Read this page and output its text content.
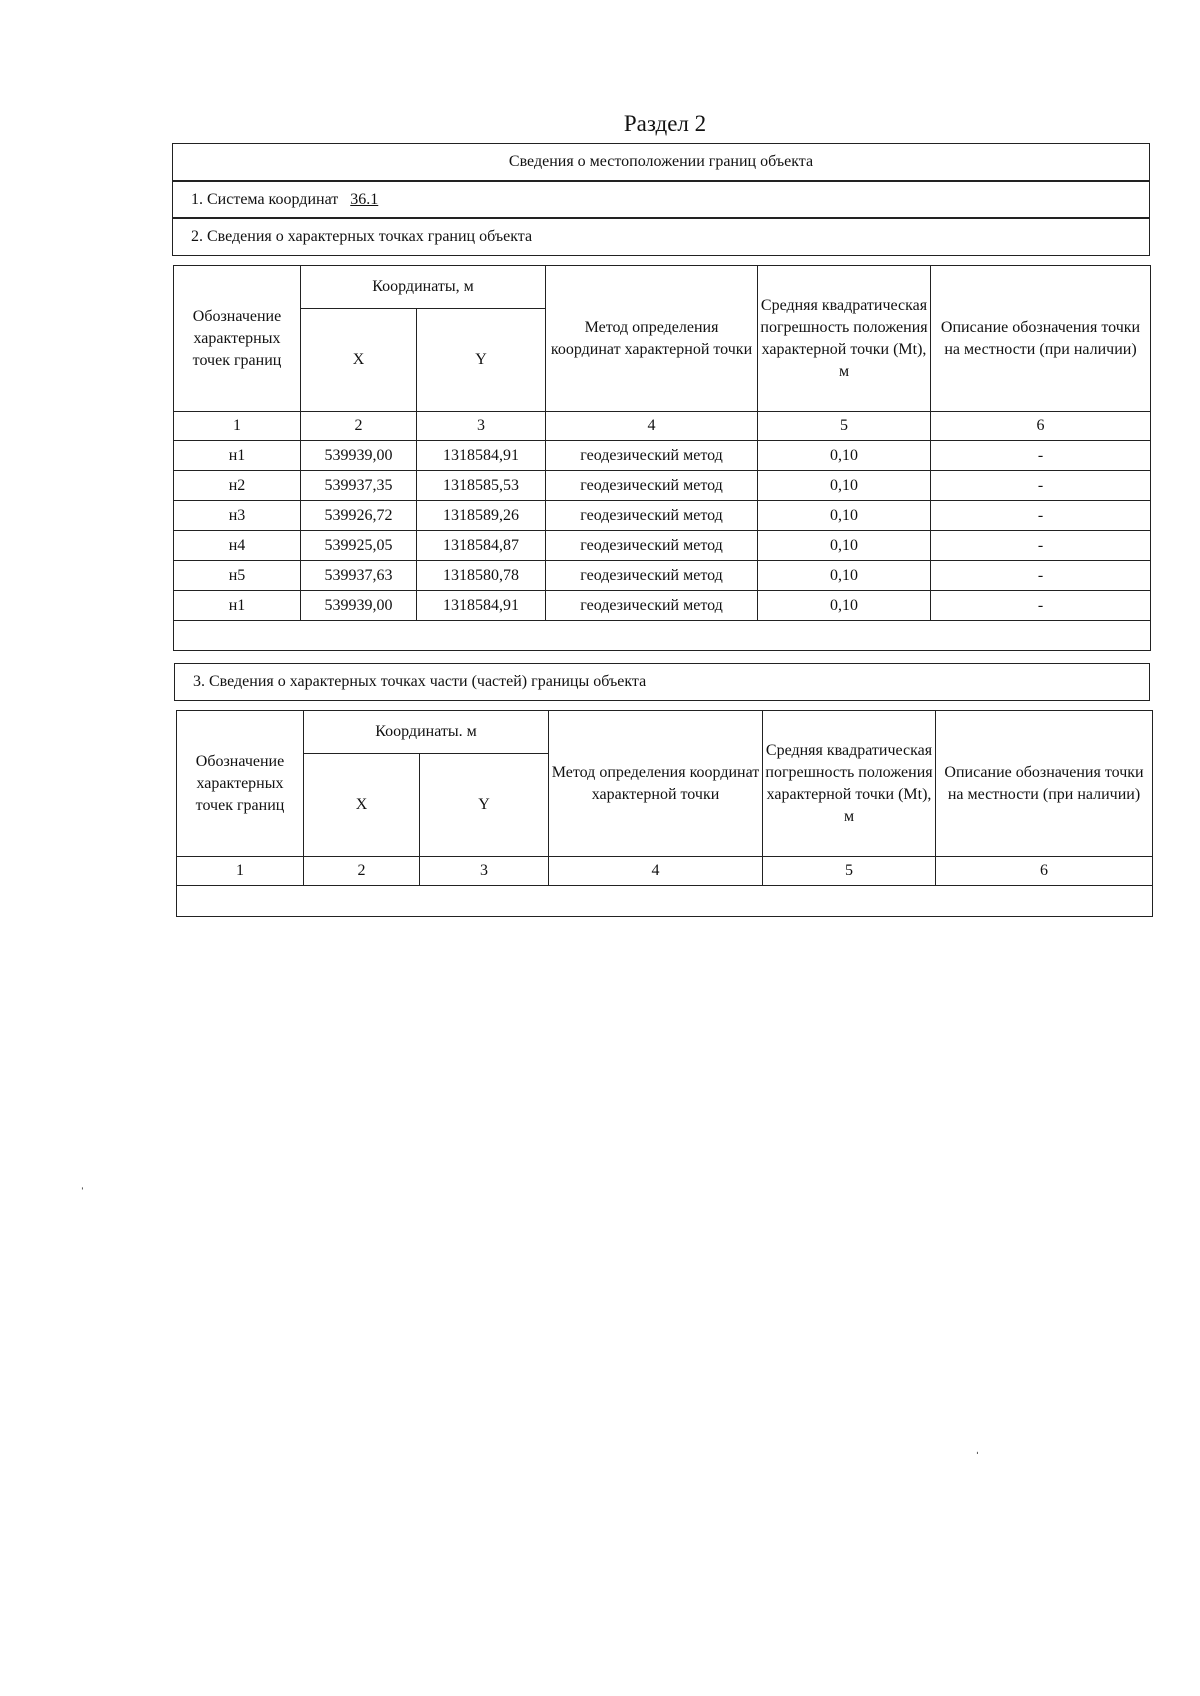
Раздел 2
Сведения о местоположении границ объекта
1. Система координат 36.1
2. Сведения о характерных точках границ объекта
Обозначение характерных точек границ	Координаты, м		Метод определения координат характерной точки	Средняя квадратическая погрешность положения характерной точки (Mt), м	Описание обозначения точки на местности (при наличии)
	X	Y			
1	2	3	4	5	6
н1	539939,00	1318584,91	геодезический метод	0,10	-
н2	539937,35	1318585,53	геодезический метод	0,10	-
н3	539926,72	1318589,26	геодезический метод	0,10	-
н4	539925,05	1318584,87	геодезический метод	0,10	-
н5	539937,63	1318580,78	геодезический метод	0,10	-
н1	539939,00	1318584,91	геодезический метод	0,10	-

3. Сведения о характерных точках части (частей) границы объекта
Обозначение характерных точек границ	Координаты. м		Метод определения координат характерной точки	Средняя квадратическая погрешность положения характерной точки (Mt), м	Описание обозначения точки на местности (при наличии)
	X	Y			
1	2	3	4	5	6

ˈ
ˌ
